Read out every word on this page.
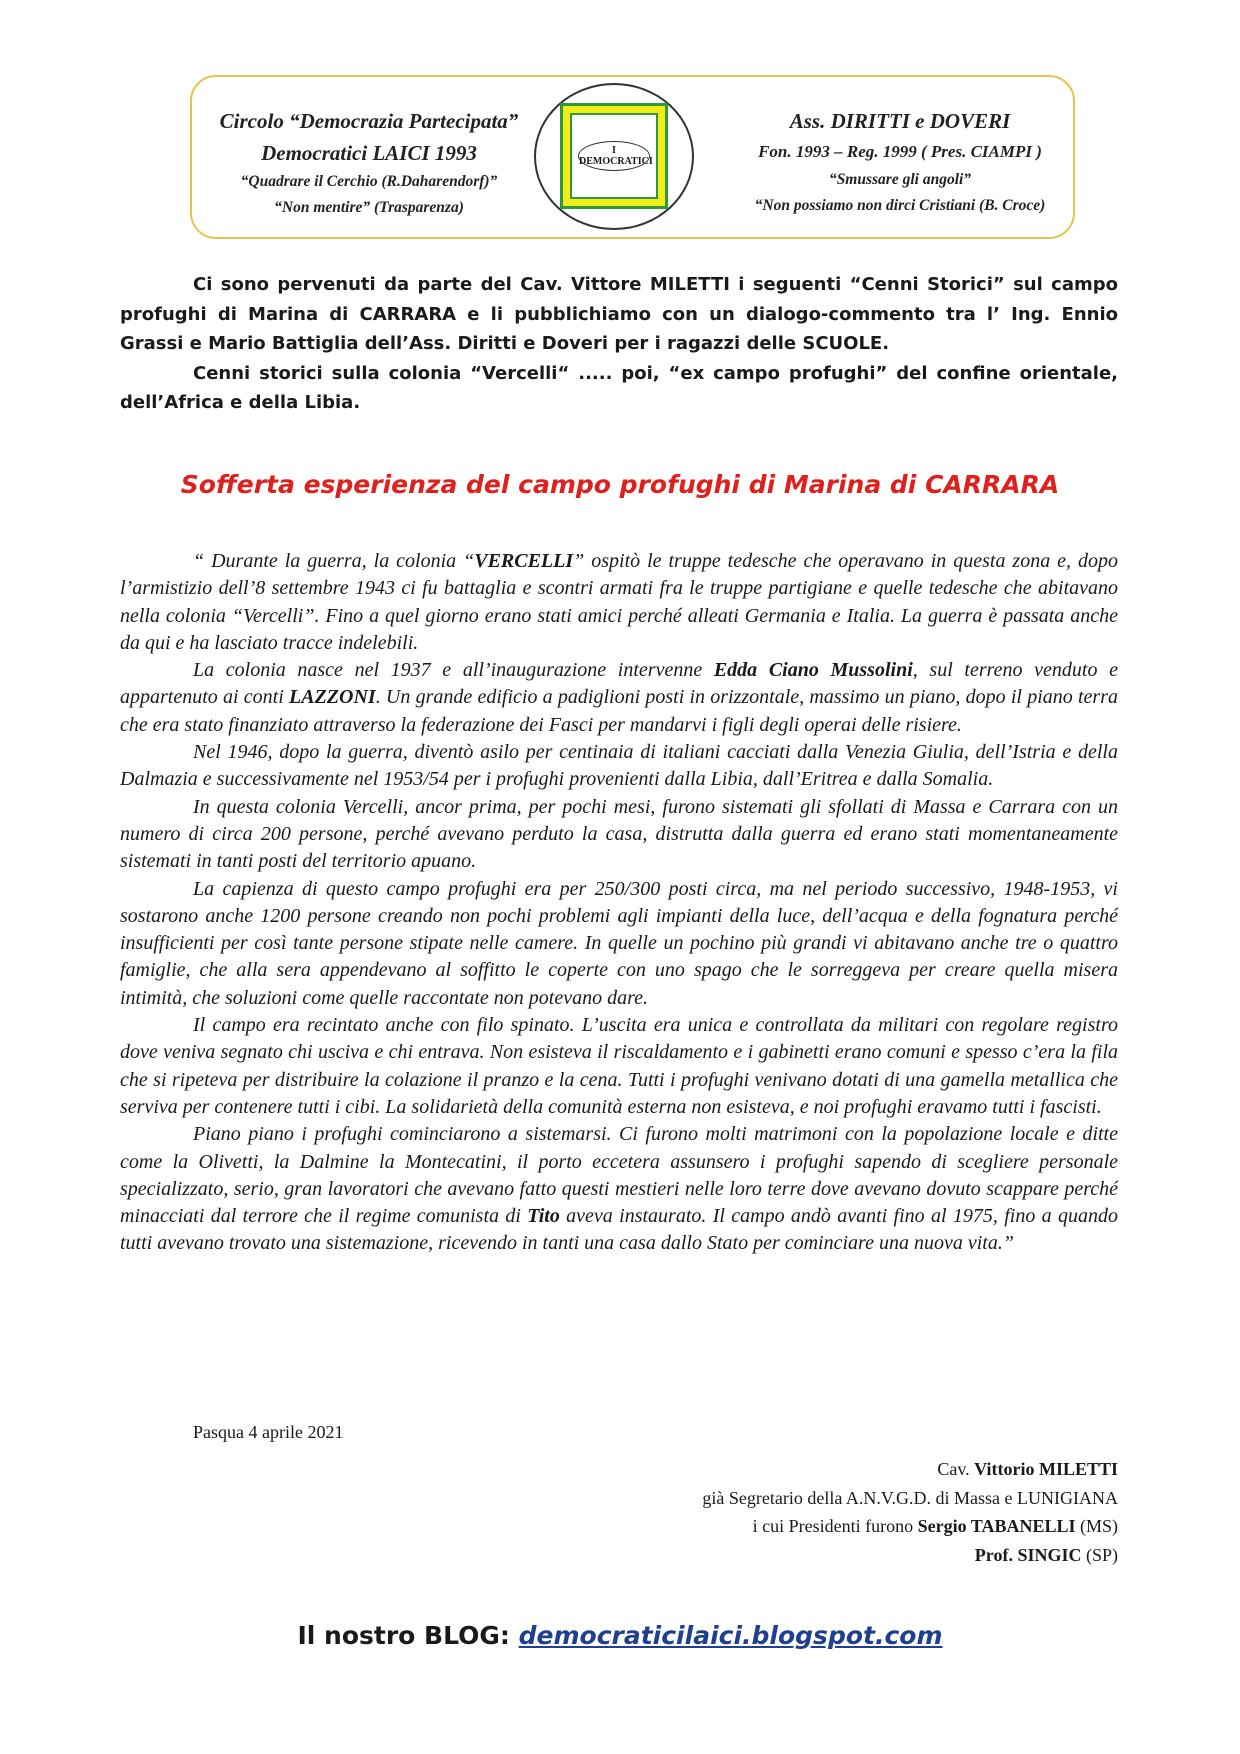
Circolo “Democrazia Partecipata”
Democratici LAICI 1993
“Quadrare il Cerchio (R.Daharendorf)”
“Non mentire” (Trasparenza)
I
DEMOCRATICI
Ass. DIRITTI e DOVERI
Fon. 1993 – Reg. 1999 ( Pres. CIAMPI )
“Smussare gli angoli”
“Non possiamo non dirci Cristiani (B. Croce)

Ci sono pervenuti da parte del Cav. Vittore MILETTI i seguenti “Cenni Storici” sul campo profughi di Marina di CARRARA e li pubblichiamo con un dialogo-commento tra l’ Ing. Ennio Grassi e Mario Battiglia dell’Ass. Diritti e Doveri per i ragazzi delle SCUOLE.

Cenni storici sulla colonia “Vercelli“ ..... poi, “ex campo profughi” del confine orientale, dell’Africa e della Libia.

Sofferta esperienza del campo profughi di Marina di CARRARA

“ Durante la guerra, la colonia “VERCELLI” ospitò le truppe tedesche che operavano in questa zona e, dopo l’armistizio dell’8 settembre 1943 ci fu battaglia e scontri armati fra le truppe partigiane e quelle tedesche che abitavano nella colonia “Vercelli”. Fino a quel giorno erano stati amici perché alleati Germania e Italia. La guerra è passata anche da qui e ha lasciato tracce indelebili.

La colonia nasce nel 1937 e all’inaugurazione intervenne Edda Ciano Mussolini, sul terreno venduto e appartenuto ai conti LAZZONI. Un grande edificio a padiglioni posti in orizzontale, massimo un piano, dopo il piano terra che era stato finanziato attraverso la federazione dei Fasci per mandarvi i figli degli operai delle risiere.

Nel 1946, dopo la guerra, diventò asilo per centinaia di italiani cacciati dalla Venezia Giulia, dell’Istria e della Dalmazia e successivamente nel 1953/54 per i profughi provenienti dalla Libia, dall’Eritrea e dalla Somalia.

In questa colonia Vercelli, ancor prima, per pochi mesi, furono sistemati gli sfollati di Massa e Carrara con un numero di circa 200 persone, perché avevano perduto la casa, distrutta dalla guerra ed erano stati momentaneamente sistemati in tanti posti del territorio apuano.

La capienza di questo campo profughi era per 250/300 posti circa, ma nel periodo successivo, 1948-1953, vi sostarono anche 1200 persone creando non pochi problemi agli impianti della luce, dell’acqua e della fognatura perché insufficienti per così tante persone stipate nelle camere. In quelle un pochino più grandi vi abitavano anche tre o quattro famiglie, che alla sera appendevano al soffitto le coperte con uno spago che le sorreggeva per creare quella misera intimità, che soluzioni come quelle raccontate non potevano dare.

Il campo era recintato anche con filo spinato. L’uscita era unica e controllata da militari con regolare registro dove veniva segnato chi usciva e chi entrava. Non esisteva il riscaldamento e i gabinetti erano comuni e spesso c’era la fila che si ripeteva per distribuire la colazione il pranzo e la cena. Tutti i profughi venivano dotati di una gamella metallica che serviva per contenere tutti i cibi. La solidarietà della comunità esterna non esisteva, e noi profughi eravamo tutti i fascisti.

Piano piano i profughi cominciarono a sistemarsi. Ci furono molti matrimoni con la popolazione locale e ditte come la Olivetti, la Dalmine la Montecatini, il porto eccetera assunsero i profughi sapendo di scegliere personale specializzato, serio, gran lavoratori che avevano fatto questi mestieri nelle loro terre dove avevano dovuto scappare perché minacciati dal terrore che il regime comunista di Tito aveva instaurato. Il campo andò avanti fino al 1975, fino a quando tutti avevano trovato una sistemazione, ricevendo in tanti una casa dallo Stato per cominciare una nuova vita.”

Pasqua 4 aprile 2021
Cav. Vittorio MILETTI
già Segretario della A.N.V.G.D. di Massa e LUNIGIANA
i cui Presidenti furono Sergio TABANELLI (MS)
Prof. SINGIC (SP)
Il nostro BLOG: democraticilaici.blogspot.com
